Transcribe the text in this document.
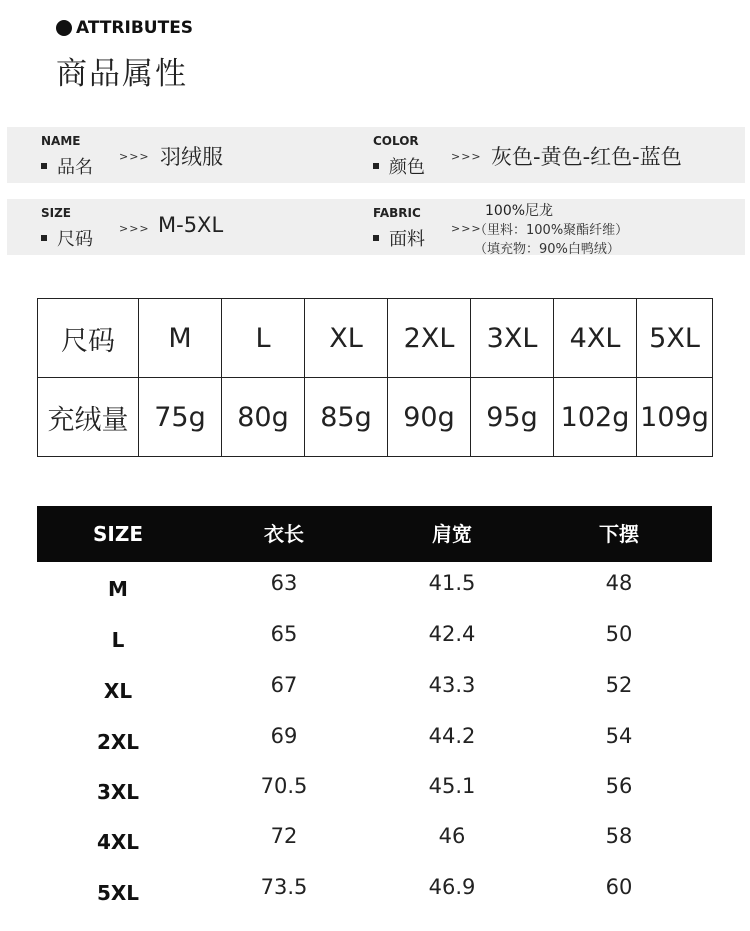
ATTRIBUTES
商品属性
NAME
品名
>>> 羽绒服
COLOR
颜色
>>> 灰色-黄色-红色-蓝色
SIZE
尺码
>>> M-5XL	FABRIC
面料
>>>
100%尼龙
（里料：100%聚酯纤维）
（填充物：90%白鸭绒）
尺码	M	L	XL	2XL	3XL	4XL	5XL
充绒量	75g	80g	85g	90g	95g	102g	109g
SIZE	衣长	肩宽	下摆
M	63	41.5	48
L	65	42.4	50
XL	67	43.3	52
2XL	69	44.2	54
3XL	70.5	45.1	56
4XL	72	46	58
5XL	73.5	46.9	60
